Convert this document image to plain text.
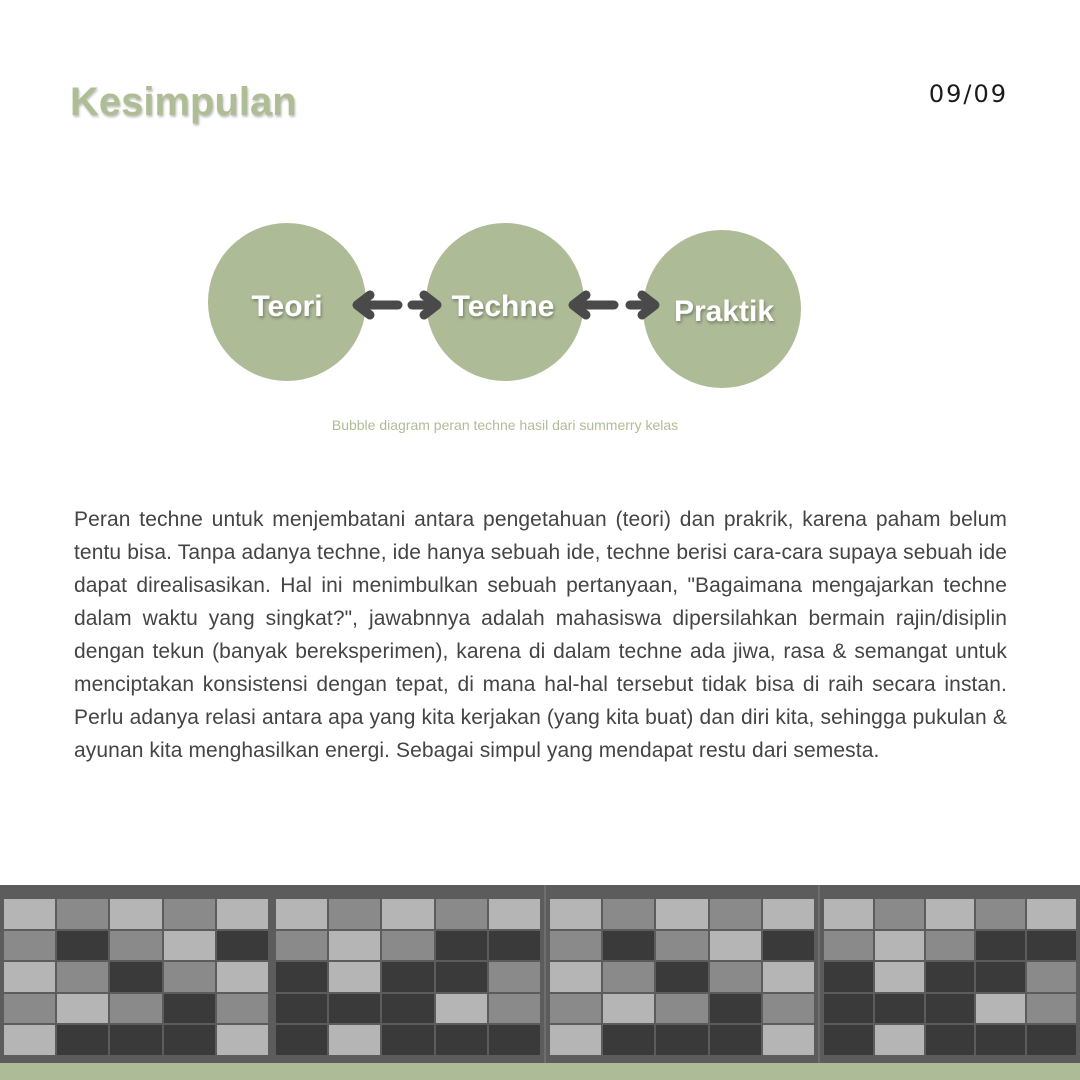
Kesimpulan	09/09
Teori	Techne	Praktik
Bubble diagram peran techne hasil dari summerry kelas

Peran techne untuk menjembatani antara pengetahuan (teori) dan prakrik, karena paham belum tentu bisa. Tanpa adanya techne, ide hanya sebuah ide, techne berisi cara-cara supaya sebuah ide dapat direalisasikan. Hal ini menimbulkan sebuah pertanyaan, "Bagaimana mengajarkan techne dalam waktu yang singkat?", jawabnnya adalah mahasiswa dipersilahkan bermain rajin/disiplin dengan tekun (banyak bereksperimen), karena di dalam techne ada jiwa, rasa & semangat untuk menciptakan konsistensi dengan tepat, di mana hal-hal tersebut tidak bisa di raih secara instan. Perlu adanya relasi antara apa yang kita kerjakan (yang kita buat) dan diri kita, sehingga pukulan & ayunan kita menghasilkan energi. Sebagai simpul yang mendapat restu dari semesta.
